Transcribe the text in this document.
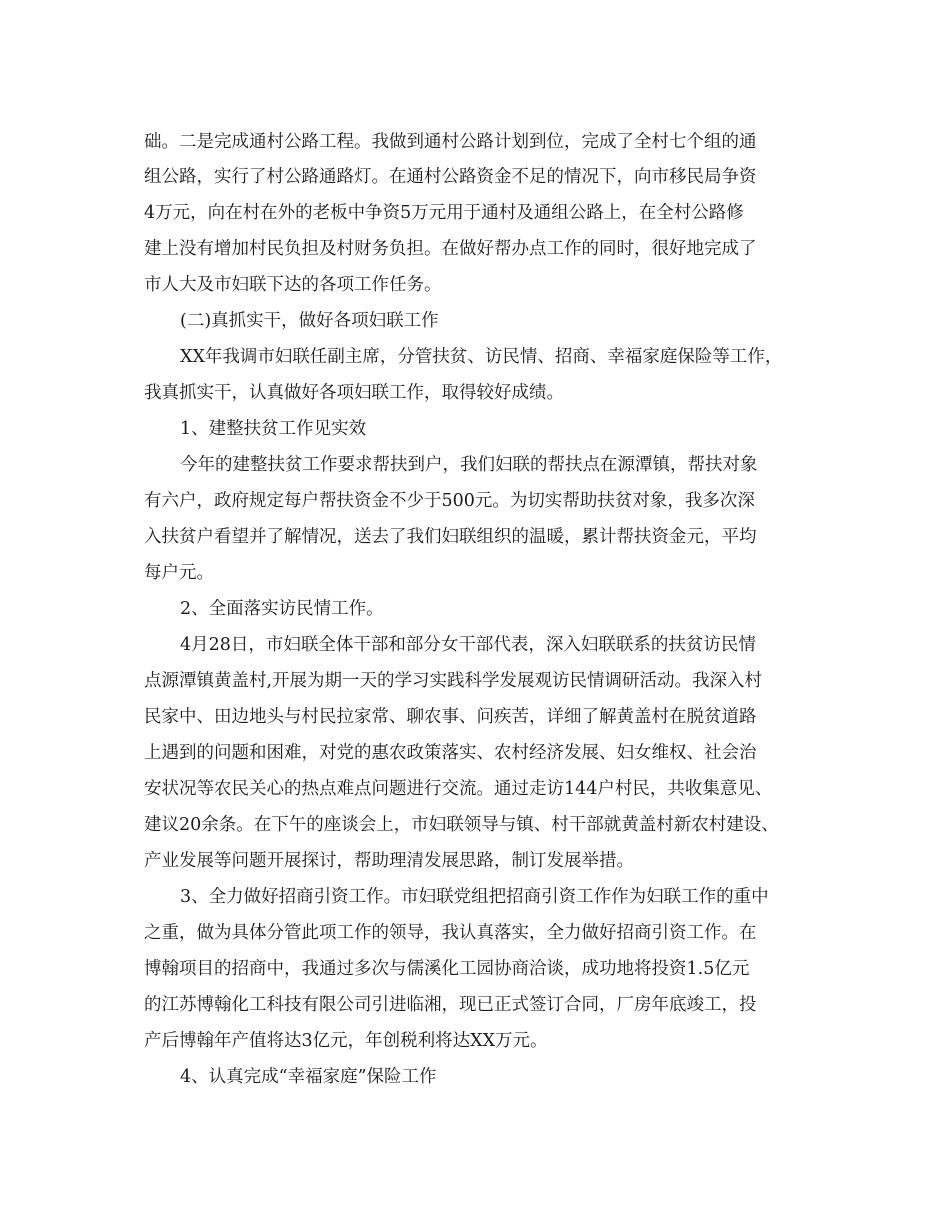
础。二是完成通村公路工程。我做到通村公路计划到位，完成了全村七个组的通
组公路，实行了村公路通路灯。在通村公路资金不足的情况下，向市移民局争资
4万元，向在村在外的老板中争资5万元用于通村及通组公路上，在全村公路修
建上没有增加村民负担及村财务负担。在做好帮办点工作的同时，很好地完成了
市人大及市妇联下达的各项工作任务。
(二)真抓实干，做好各项妇联工作
XX年我调市妇联任副主席，分管扶贫、访民情、招商、幸福家庭保险等工作，
我真抓实干，认真做好各项妇联工作，取得较好成绩。
1、建整扶贫工作见实效
今年的建整扶贫工作要求帮扶到户，我们妇联的帮扶点在源潭镇，帮扶对象
有六户，政府规定每户帮扶资金不少于500元。为切实帮助扶贫对象，我多次深
入扶贫户看望并了解情况，送去了我们妇联组织的温暖，累计帮扶资金元，平均
每户元。
2、全面落实访民情工作。
4月28日，市妇联全体干部和部分女干部代表，深入妇联联系的扶贫访民情
点源潭镇黄盖村,开展为期一天的学习实践科学发展观访民情调研活动。我深入村
民家中、田边地头与村民拉家常、聊农事、问疾苦，详细了解黄盖村在脱贫道路
上遇到的问题和困难，对党的惠农政策落实、农村经济发展、妇女维权、社会治
安状况等农民关心的热点难点问题进行交流。通过走访144户村民，共收集意见、
建议20余条。在下午的座谈会上，市妇联领导与镇、村干部就黄盖村新农村建设、
产业发展等问题开展探讨，帮助理清发展思路，制订发展举措。
3、全力做好招商引资工作。市妇联党组把招商引资工作作为妇联工作的重中
之重，做为具体分管此项工作的领导，我认真落实，全力做好招商引资工作。在
博翰项目的招商中，我通过多次与儒溪化工园协商洽谈，成功地将投资1.5亿元
的江苏博翰化工科技有限公司引进临湘，现已正式签订合同，厂房年底竣工，投
产后博翰年产值将达3亿元，年创税利将达XX万元。
4、认真完成“幸福家庭”保险工作
